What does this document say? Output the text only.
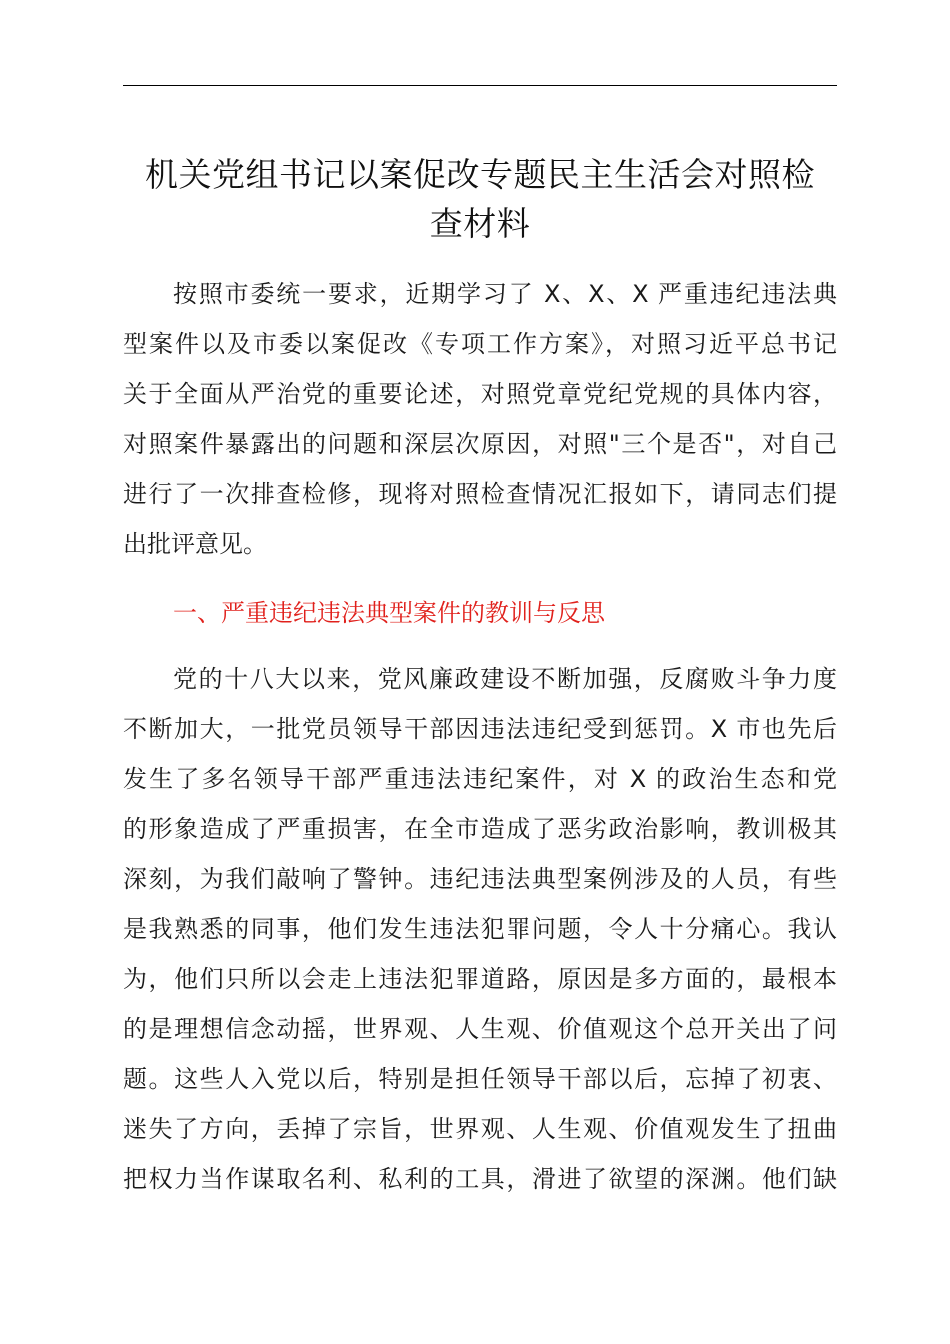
机关党组书记以案促改专题民主生活会对照检
查材料
按照市委统一要求，近期学习了 X、X、X 严重违纪违法典
型案件以及市委以案促改《专项工作方案》，对照习近平总书记
关于全面从严治党的重要论述，对照党章党纪党规的具体内容，
对照案件暴露出的问题和深层次原因，对照"三个是否"，对自己
进行了一次排查检修，现将对照检查情况汇报如下，请同志们提
出批评意见。
一、严重违纪违法典型案件的教训与反思
党的十八大以来，党风廉政建设不断加强，反腐败斗争力度
不断加大，一批党员领导干部因违法违纪受到惩罚。X 市也先后
发生了多名领导干部严重违法违纪案件，对 X 的政治生态和党
的形象造成了严重损害，在全市造成了恶劣政治影响，教训极其
深刻，为我们敲响了警钟。违纪违法典型案例涉及的人员，有些
是我熟悉的同事，他们发生违法犯罪问题，令人十分痛心。我认
为，他们只所以会走上违法犯罪道路，原因是多方面的，最根本
的是理想信念动摇，世界观、人生观、价值观这个总开关出了问
题。这些人入党以后，特别是担任领导干部以后，忘掉了初衷、
迷失了方向，丢掉了宗旨，世界观、人生观、价值观发生了扭曲
把权力当作谋取名利、私利的工具，滑进了欲望的深渊。他们缺
